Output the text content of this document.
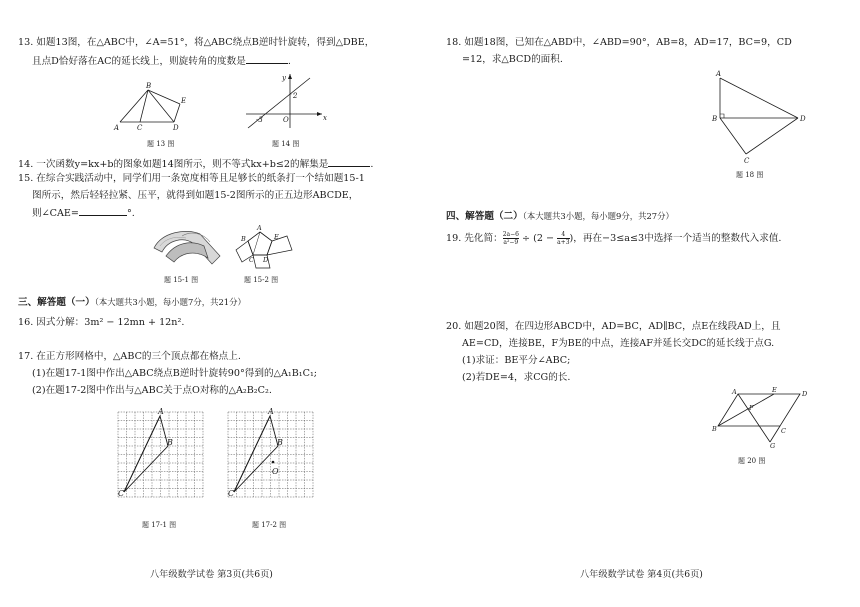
13. 如题13图，在△ABC中，∠A=51°，将△ABC绕点B逆时针旋转，得到△DBE，
且点D恰好落在AC的延长线上，则旋转角的度数是	.
A
B
C	D
E
题 13 图
y
x
O
-3
2
题 14 图
14. 一次函数y=kx+b的图象如题14图所示，则不等式kx+b≤2的解集是	.
15. 在综合实践活动中，同学们用一条宽度相等且足够长的纸条打一个结如题15-1
图所示，然后轻轻拉紧、压平，就得到如题15-2图所示的正五边形ABCDE，
则∠CAE=	°.
题 15-1 图
A
B
C D
E
题 15-2 图
三、解答题（一）（本大题共3小题，每小题7分，共21分）
16. 因式分解：3m² − 12mn + 12n².
17. 在正方形网格中，△ABC的三个顶点都在格点上.
(1)在题17-1图中作出△ABC绕点B逆时针旋转90°得到的△A₁B₁C₁;
(2)在题17-2图中作出与△ABC关于点O对称的△A₂B₂C₂.
A
B
C
题 17-1 图
A
B
C
O
题 17-2 图
八年级数学试卷 第3页(共6页)
18. 如题18图，已知在△ABD中，∠ABD=90°，AB=8，AD=17，BC=9，CD
=12，求△BCD的面积.
A
B
C
D
题 18 图
四、解答题（二）（本大题共3小题，每小题9分，共27分）
19. 先化简： $\frac{2a-6}{\text{a²−9}} \div (2 - \frac{4}{a+3}$ )，再在−3≤a≤3中选择一个适当的整数代入求值.
20. 如题20图，在四边形ABCD中，AD=BC，AD∥BC，点E在线段AD上，且
AE=CD，连接BE，F为BE的中点，连接AF并延长交DC的延长线于点G.
(1)求证：BE平分∠ABC;
(2)若DE=4，求CG的长.
A
B	C
D
E
F
G
题 20 图
八年级数学试卷 第4页(共6页)
